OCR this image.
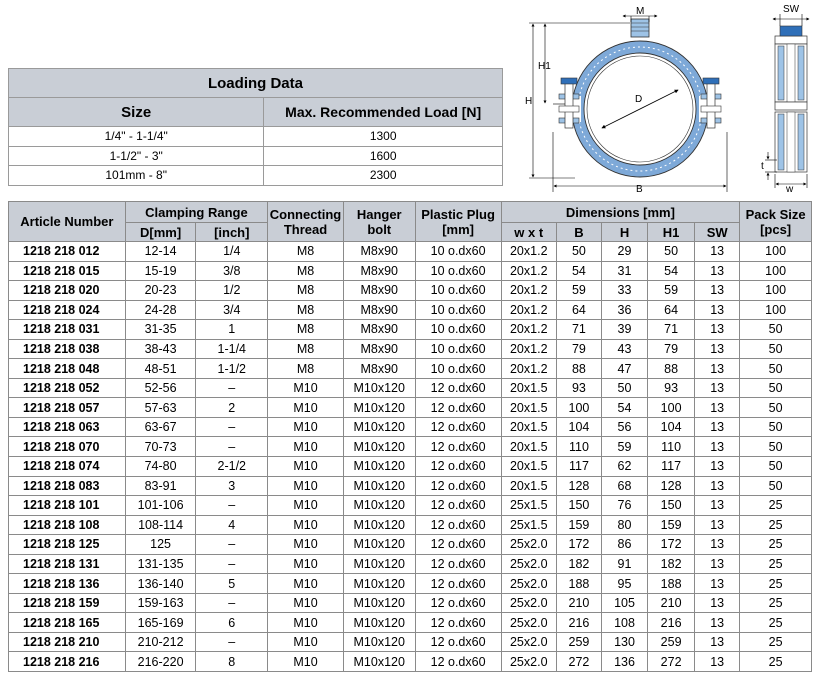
D
M
H1
H
B
SW
t
w
Loading Data	
Size	Max. Recommended Load [N]
1/4" - 1-1/4"	1300
1-1/2" - 3"	1600
101mm - 8"	2300
Article Number	Clamping Range		Connecting Thread	Hanger bolt	Plastic Plug [mm]	Dimensions [mm]					Pack Size [pcs]
	D[mm]	[inch]				w x t	B	H	H1	SW	
1218 218 012	12-14	1/4	M8	M8x90	10 o.dx60	20x1.2	50	29	50	13	100
1218 218 015	15-19	3/8	M8	M8x90	10 o.dx60	20x1.2	54	31	54	13	100
1218 218 020	20-23	1/2	M8	M8x90	10 o.dx60	20x1.2	59	33	59	13	100
1218 218 024	24-28	3/4	M8	M8x90	10 o.dx60	20x1.2	64	36	64	13	100
1218 218 031	31-35	1	M8	M8x90	10 o.dx60	20x1.2	71	39	71	13	50
1218 218 038	38-43	1-1/4	M8	M8x90	10 o.dx60	20x1.2	79	43	79	13	50
1218 218 048	48-51	1-1/2	M8	M8x90	10 o.dx60	20x1.2	88	47	88	13	50
1218 218 052	52-56	–	M10	M10x120	12 o.dx60	20x1.5	93	50	93	13	50
1218 218 057	57-63	2	M10	M10x120	12 o.dx60	20x1.5	100	54	100	13	50
1218 218 063	63-67	–	M10	M10x120	12 o.dx60	20x1.5	104	56	104	13	50
1218 218 070	70-73	–	M10	M10x120	12 o.dx60	20x1.5	110	59	110	13	50
1218 218 074	74-80	2-1/2	M10	M10x120	12 o.dx60	20x1.5	117	62	117	13	50
1218 218 083	83-91	3	M10	M10x120	12 o.dx60	20x1.5	128	68	128	13	50
1218 218 101	101-106	–	M10	M10x120	12 o.dx60	25x1.5	150	76	150	13	25
1218 218 108	108-114	4	M10	M10x120	12 o.dx60	25x1.5	159	80	159	13	25
1218 218 125	125	–	M10	M10x120	12 o.dx60	25x2.0	172	86	172	13	25
1218 218 131	131-135	–	M10	M10x120	12 o.dx60	25x2.0	182	91	182	13	25
1218 218 136	136-140	5	M10	M10x120	12 o.dx60	25x2.0	188	95	188	13	25
1218 218 159	159-163	–	M10	M10x120	12 o.dx60	25x2.0	210	105	210	13	25
1218 218 165	165-169	6	M10	M10x120	12 o.dx60	25x2.0	216	108	216	13	25
1218 218 210	210-212	–	M10	M10x120	12 o.dx60	25x2.0	259	130	259	13	25
1218 218 216	216-220	8	M10	M10x120	12 o.dx60	25x2.0	272	136	272	13	25
